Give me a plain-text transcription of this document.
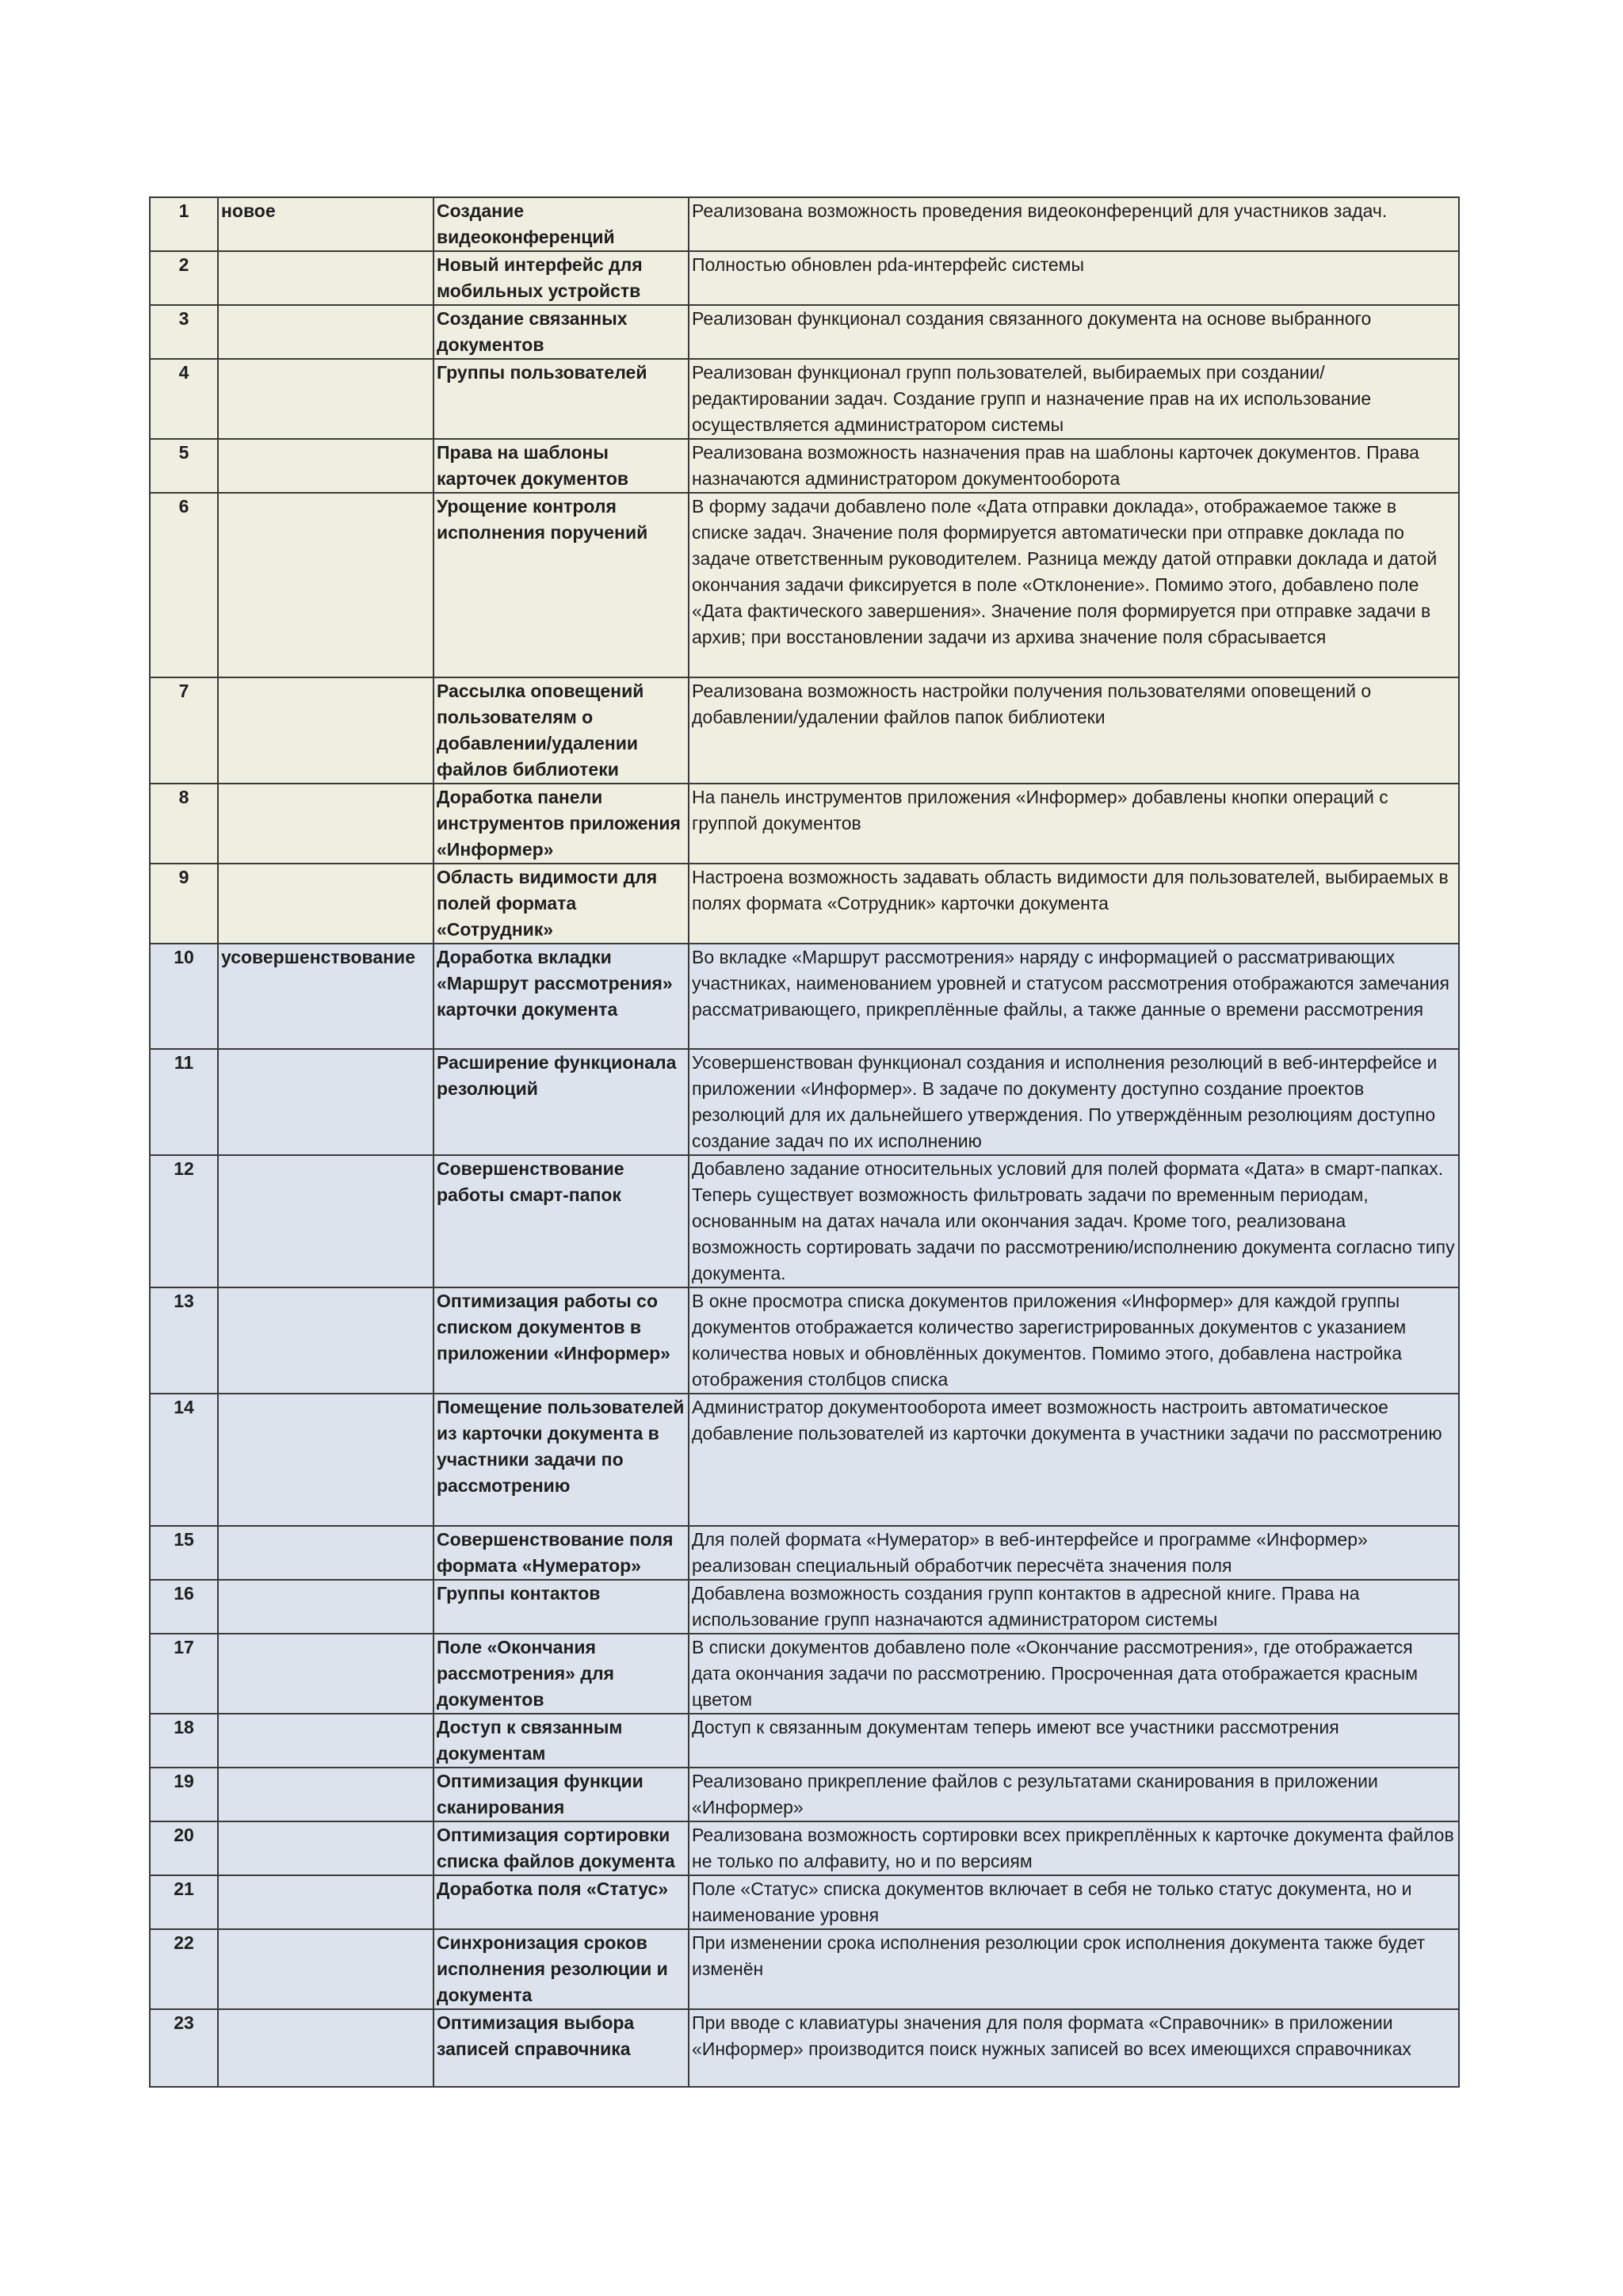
1	новое	Создание видеоконференций	Реализована возможность проведения видеоконференций для участников задач.
2		Новый интерфейс для мобильных устройств	Полностью обновлен pda-интерфейс системы
3		Создание связанных документов	Реализован функционал создания связанного документа на основе выбранного
4		Группы пользователей	Реализован функционал групп пользователей, выбираемых при создании/редактировании задач. Создание групп и назначение прав на их использование осуществляется администратором системы
5		Права на шаблоны карточек документов	Реализована возможность назначения прав на шаблоны карточек документов. Права назначаются администратором документооборота
6		Урощение контроля исполнения поручений	В форму задачи добавлено поле «Дата отправки доклада», отображаемое также в списке задач. Значение поля формируется автоматически при отправке доклада по задаче ответственным руководителем. Разница между датой отправки доклада и датой окончания задачи фиксируется в поле «Отклонение». Помимо этого, добавлено поле «Дата фактического завершения». Значение поля формируется при отправке задачи в архив; при восстановлении задачи из архива значение поля сбрасывается
7		Рассылка оповещений пользователям о добавлении/удалении файлов библиотеки	Реализована возможность настройки получения пользователями оповещений о добавлении/удалении файлов папок библиотеки
8		Доработка панели инструментов приложения «Информер»	На панель инструментов приложения «Информер» добавлены кнопки операций с группой документов
9		Область видимости для полей формата «Сотрудник»	Настроена возможность задавать область видимости для пользователей, выбираемых в полях формата «Сотрудник» карточки документа
10	усовершенствование	Доработка вкладки «Маршрут рассмотрения» карточки документа	Во вкладке «Маршрут рассмотрения» наряду с информацией о рассматривающих участниках, наименованием уровней и статусом рассмотрения отображаются замечания рассматривающего, прикреплённые файлы, а также данные о времени рассмотрения
11		Расширение функционала резолюций	Усовершенствован функционал создания и исполнения резолюций в веб-интерфейсе и приложении «Информер». В задаче по документу доступно создание проектов резолюций для их дальнейшего утверждения. По утверждённым резолюциям доступно создание задач по их исполнению
12		Совершенствование работы смарт-папок	Добавлено задание относительных условий для полей формата «Дата» в смарт-папках. Теперь существует возможность фильтровать задачи по временным периодам, основанным на датах начала или окончания задач. Кроме того, реализована возможность сортировать задачи по рассмотрению/исполнению документа согласно типу документа.
13		Оптимизация работы со списком документов в приложении «Информер»	В окне просмотра списка документов приложения «Информер» для каждой группы документов отображается количество зарегистрированных документов с указанием количества новых и обновлённых документов. Помимо этого, добавлена настройка отображения столбцов списка
14		Помещение пользователей из карточки документа в участники задачи по рассмотрению	Администратор документооборота имеет возможность настроить автоматическое добавление пользователей из карточки документа в участники задачи по рассмотрению
15		Совершенствование поля формата «Нумератор»	Для полей формата «Нумератор» в веб-интерфейсе и программе «Информер» реализован специальный обработчик пересчёта значения поля
16		Группы контактов	Добавлена возможность создания групп контактов в адресной книге. Права на использование групп назначаются администратором системы
17		Поле «Окончания рассмотрения» для документов	В списки документов добавлено поле «Окончание рассмотрения», где отображается дата окончания задачи по рассмотрению. Просроченная дата отображается красным цветом
18		Доступ к связанным документам	Доступ к связанным документам теперь имеют все участники рассмотрения
19		Оптимизация функции сканирования	Реализовано прикрепление файлов с результатами сканирования в приложении «Информер»
20		Оптимизация сортировки списка файлов документа	Реализована возможность сортировки всех прикреплённых к карточке документа файлов не только по алфавиту, но и по версиям
21		Доработка поля «Статус»	Поле «Статус» списка документов включает в себя не только статус документа, но и наименование уровня
22		Синхронизация сроков исполнения резолюции и документа	При изменении срока исполнения резолюции срок исполнения документа также будет изменён
23		Оптимизация выбора записей справочника	При вводе с клавиатуры значения для поля формата «Справочник» в приложении «Информер» производится поиск нужных записей во всех имеющихся справочниках
